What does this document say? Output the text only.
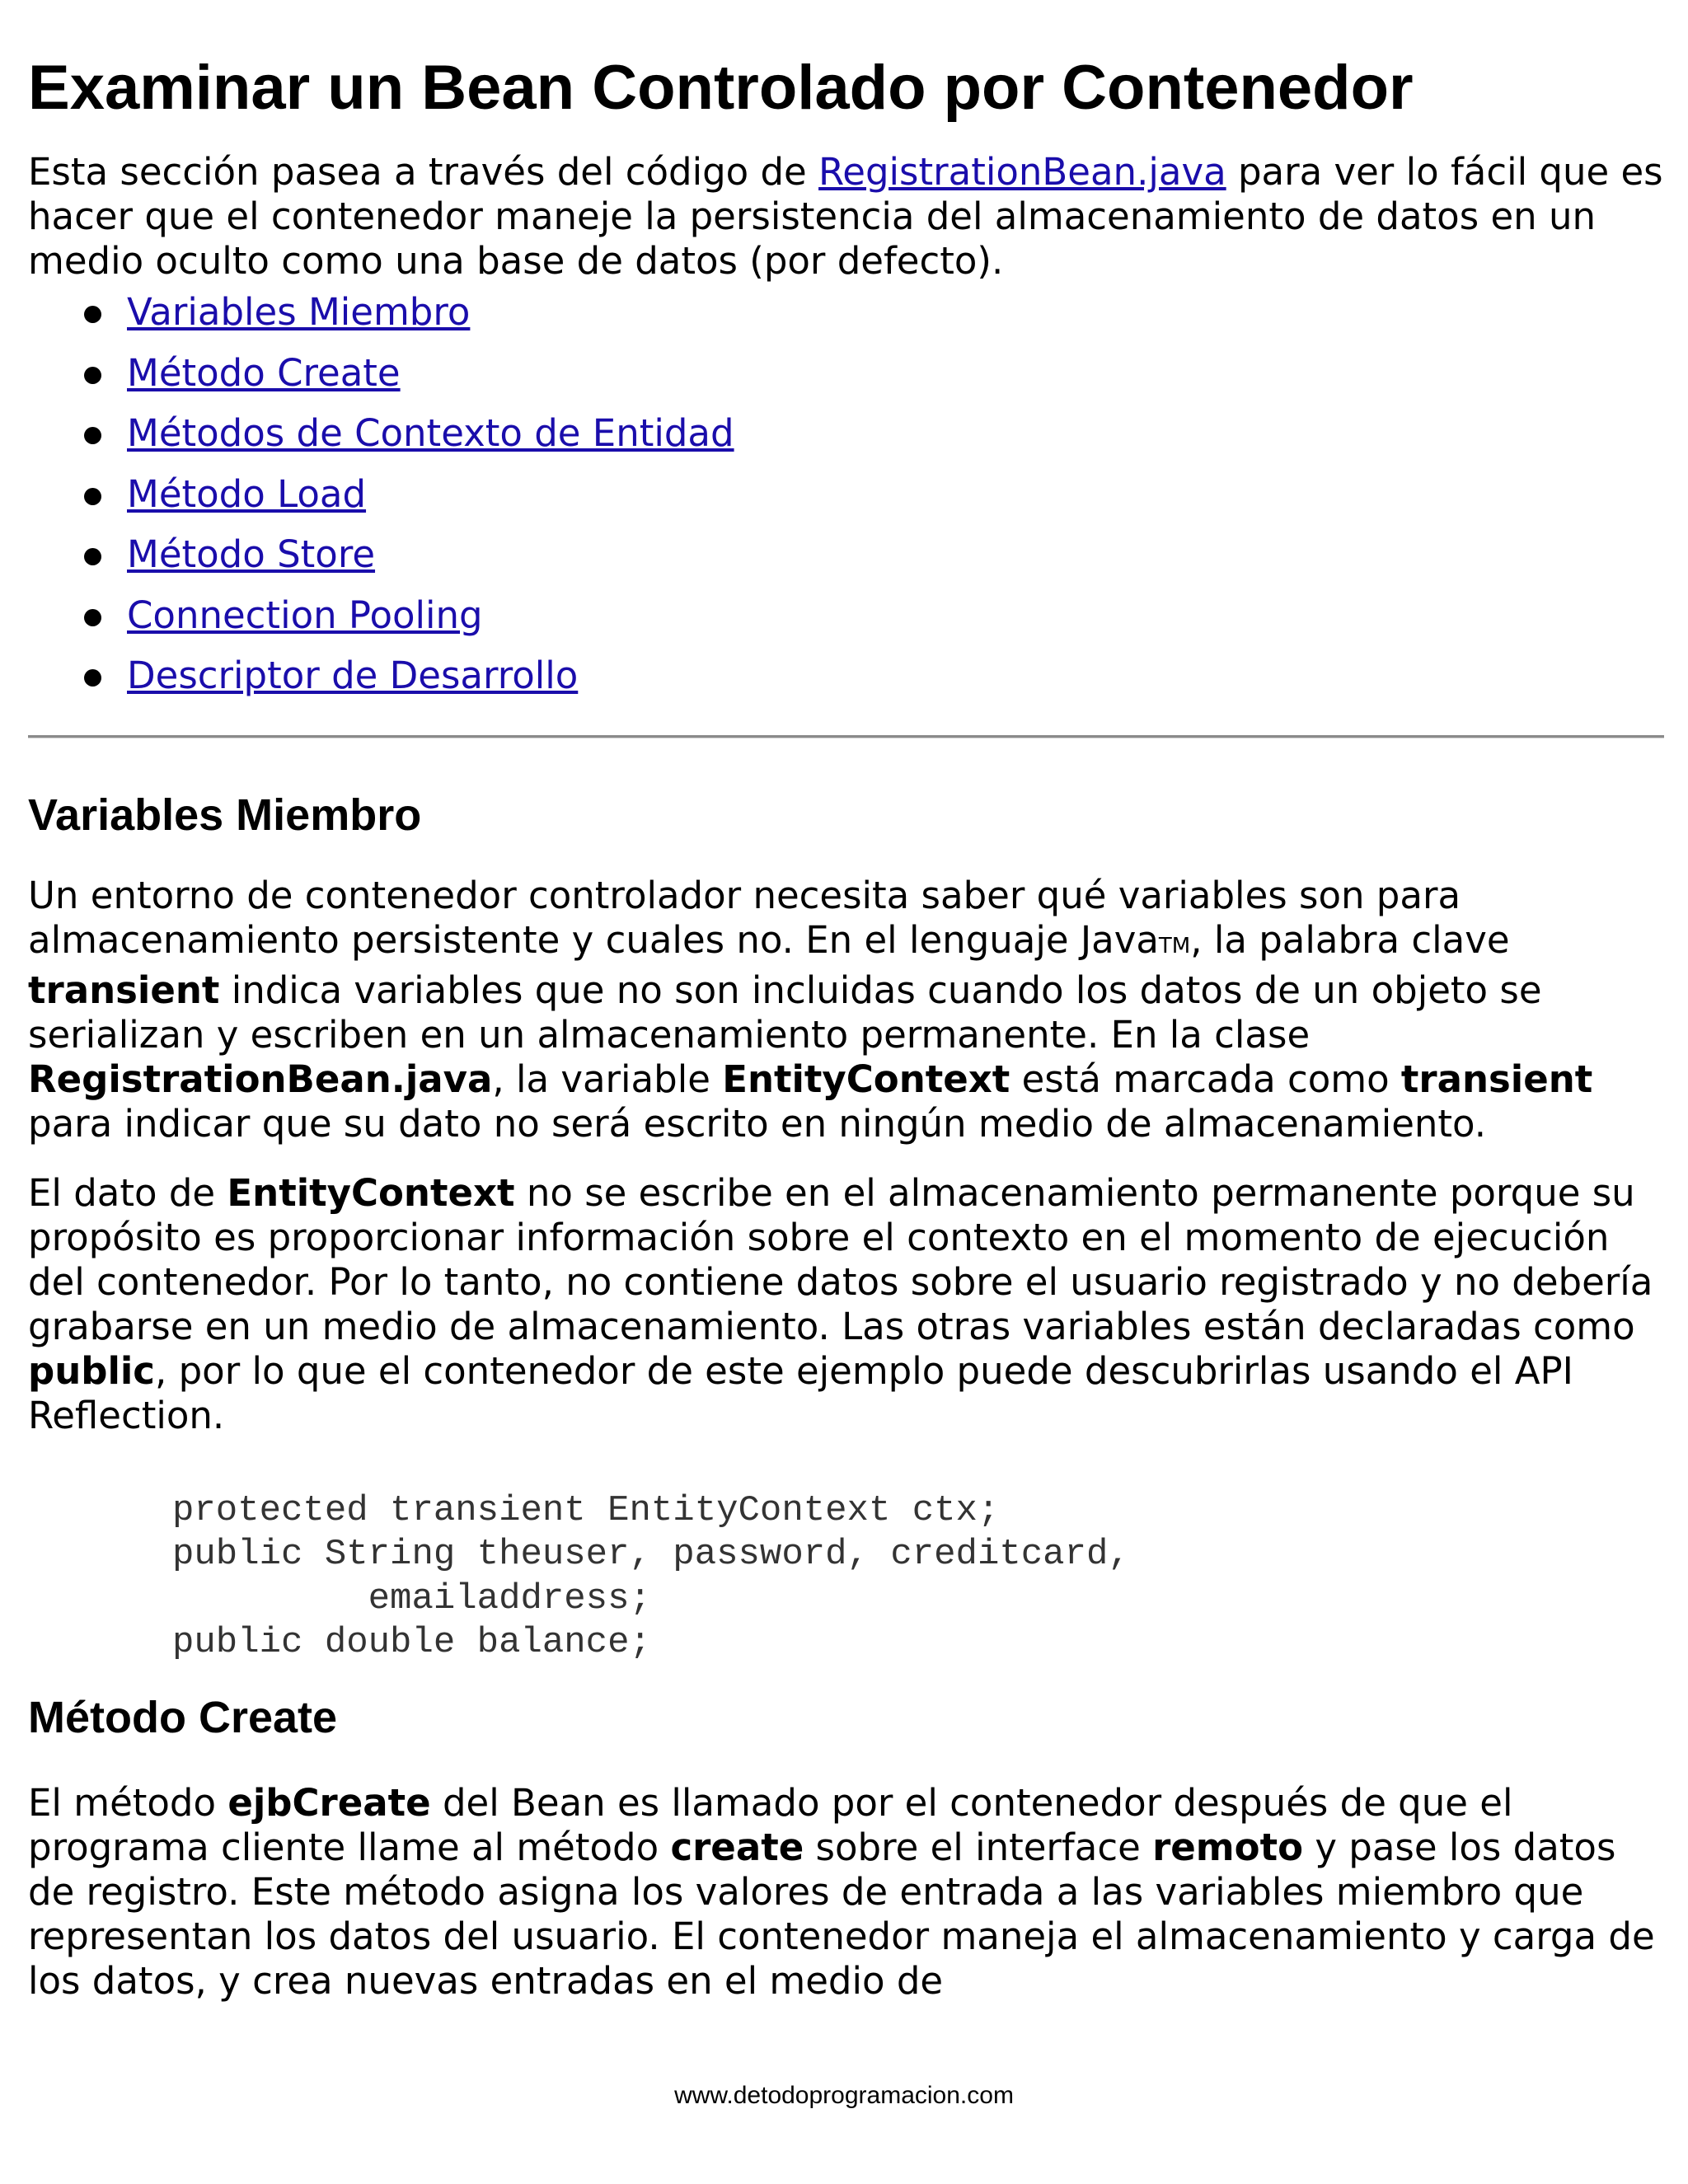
Examinar un Bean Controlado por Contenedor

Esta sección pasea a través del código de RegistrationBean.java para ver lo fácil que es hacer que el contenedor maneje la persistencia del almacenamiento de datos en un medio oculto como una base de datos (por defecto).

Variables Miembro
Método Create
Métodos de Contexto de Entidad
Método Load
Método Store
Connection Pooling
Descriptor de Desarrollo
Variables Miembro

Un entorno de contenedor controlador necesita saber qué variables son para almacenamiento persistente y cuales no. En el lenguaje JavaTM, la palabra clave transient indica variables que no son incluidas cuando los datos de un objeto se serializan y escriben en un almacenamiento permanente. En la clase RegistrationBean.java, la variable EntityContext está marcada como transient para indicar que su dato no será escrito en ningún medio de almacenamiento.

El dato de EntityContext no se escribe en el almacenamiento permanente porque su propósito es proporcionar información sobre el contexto en el momento de ejecución del contenedor. Por lo tanto, no contiene datos sobre el usuario registrado y no debería grabarse en un medio de almacenamiento. Las otras variables están declaradas como public, por lo que el contenedor de este ejemplo puede descubrirlas usando el API Reflection.

protected transient EntityContext ctx;
public String theuser, password, creditcard,
emailaddress;
public double balance;
Método Create

El método ejbCreate del Bean es llamado por el contenedor después de que el programa cliente llame al método create sobre el interface remoto y pase los datos de registro. Este método asigna los valores de entrada a las variables miembro que representan los datos del usuario. El contenedor maneja el almacenamiento y carga de los datos, y crea nuevas entradas en el medio de

www.detodoprogramacion.com
